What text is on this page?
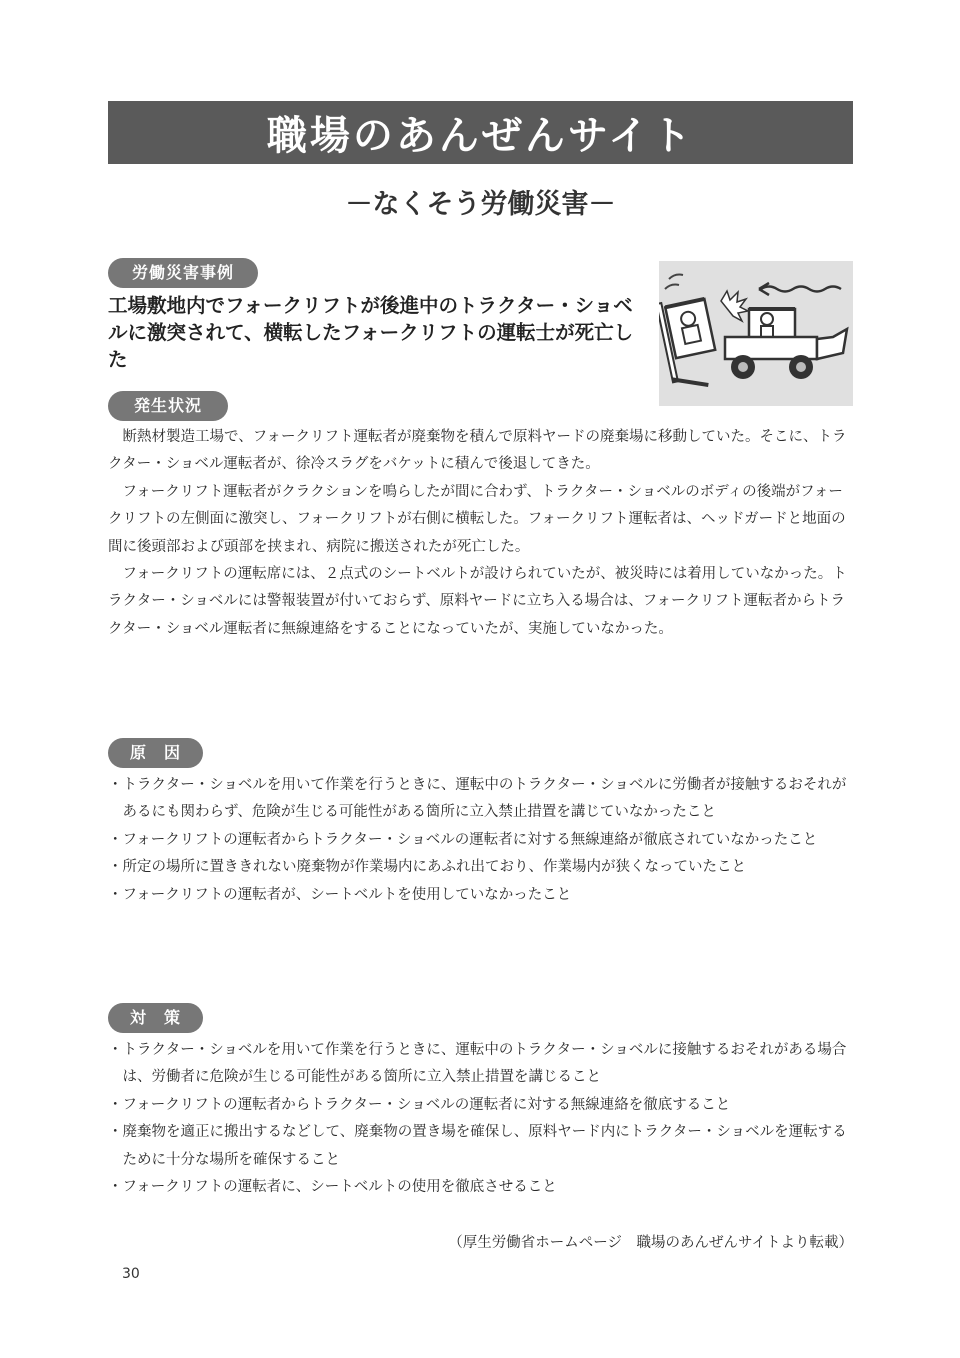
職場のあんぜんサイト
－なくそう労働災害－
労働災害事例
工場敷地内でフォークリフトが後進中のトラクター・ショベルに激突されて、横転したフォークリフトの運転士が死亡した
発生状況

断熱材製造工場で、フォークリフト運転者が廃棄物を積んで原料ヤードの廃棄場に移動していた。そこに、トラクター・ショベル運転者が、徐冷スラグをバケットに積んで後退してきた。

フォークリフト運転者がクラクションを鳴らしたが間に合わず、トラクター・ショベルのボディの後端がフォークリフトの左側面に激突し、フォークリフトが右側に横転した。フォークリフト運転者は、ヘッドガードと地面の間に後頭部および頭部を挟まれ、病院に搬送されたが死亡した。

フォークリフトの運転席には、２点式のシートベルトが設けられていたが、被災時には着用していなかった。トラクター・ショベルには警報装置が付いておらず、原料ヤードに立ち入る場合は、フォークリフト運転者からトラクター・ショベル運転者に無線連絡をすることになっていたが、実施していなかった。

原　因
・ トラクター・ショベルを用いて作業を行うときに、運転中のトラクター・ショベルに労働者が接触するおそれがあるにも関わらず、危険が生じる可能性がある箇所に立入禁止措置を講じていなかったこと
・ フォークリフトの運転者からトラクター・ショベルの運転者に対する無線連絡が徹底されていなかったこと
・ 所定の場所に置ききれない廃棄物が作業場内にあふれ出ており、作業場内が狭くなっていたこと
・ フォークリフトの運転者が、シートベルトを使用していなかったこと
対　策
・ トラクター・ショベルを用いて作業を行うときに、運転中のトラクター・ショベルに接触するおそれがある場合は、労働者に危険が生じる可能性がある箇所に立入禁止措置を講じること
・ フォークリフトの運転者からトラクター・ショベルの運転者に対する無線連絡を徹底すること
・ 廃棄物を適正に搬出するなどして、廃棄物の置き場を確保し、原料ヤード内にトラクター・ショベルを運転するために十分な場所を確保すること
・ フォークリフトの運転者に、シートベルトの使用を徹底させること
（厚生労働省ホームページ　職場のあんぜんサイトより転載）
30
